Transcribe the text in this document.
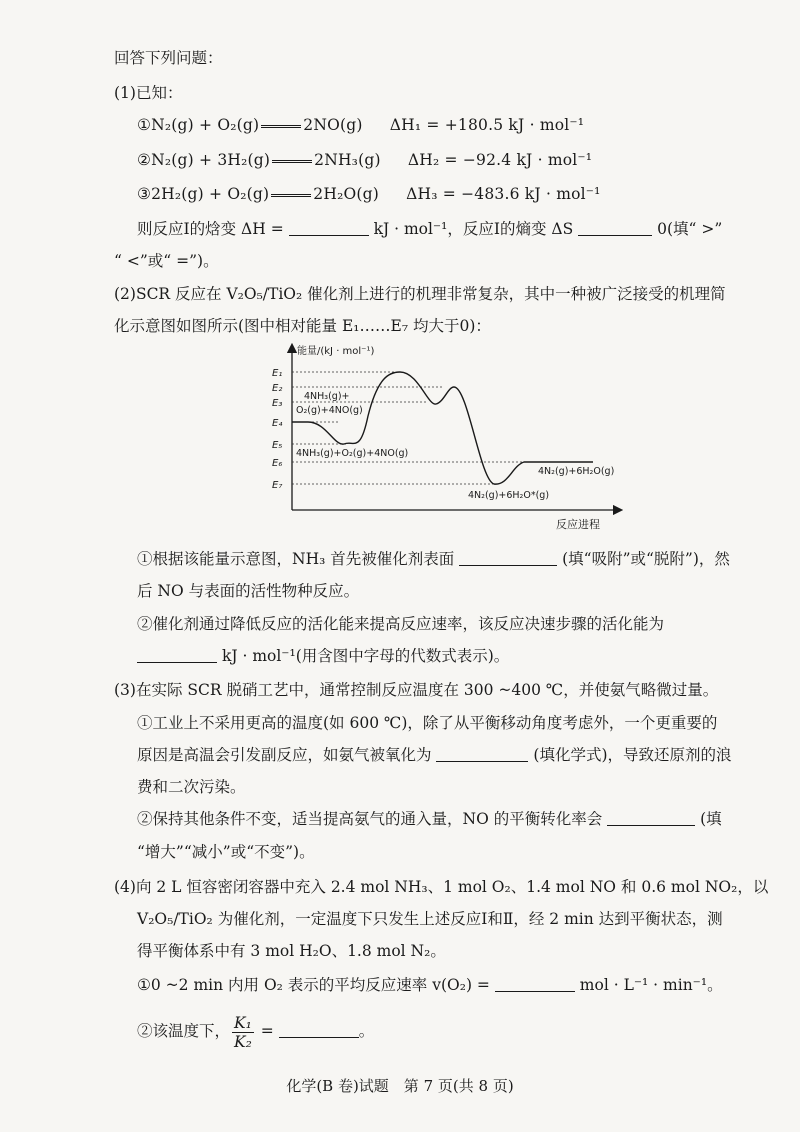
回答下列问题：
(1)已知：
①N₂(g) + O₂(g)	2NO(g) ΔH₁ = +180.5 kJ · mol⁻¹
②N₂(g) + 3H₂(g)	2NH₃(g) ΔH₂ = −92.4 kJ · mol⁻¹
③2H₂(g) + O₂(g)	2H₂O(g) ΔH₃ = −483.6 kJ · mol⁻¹
则反应Ⅰ的焓变 ΔH =	kJ · mol⁻¹，反应Ⅰ的熵变 ΔS	0(填“ >”
“ <”或“ =”)。
(2)SCR 反应在 V₂O₅/TiO₂ 催化剂上进行的机理非常复杂，其中一种被广泛接受的机理简
化示意图如图所示(图中相对能量 E₁……E₇ 均大于0)：
能量/(kJ · mol⁻¹)
反应进程
E₁
E₂
E₃
E₄
E₅
E₆
E₇
4NH₃(g)+
O₂(g)+4NO(g)
4NH₃(g)+O₂(g)+4NO(g)
4N₂(g)+6H₂O(g)
4N₂(g)+6H₂O*(g)
①根据该能量示意图，NH₃ 首先被催化剂表面	(填“吸附”或“脱附”)，然
后 NO 与表面的活性物种反应。
②催化剂通过降低反应的活化能来提高反应速率，该反应决速步骤的活化能为
kJ · mol⁻¹(用含图中字母的代数式表示)。
(3)在实际 SCR 脱硝工艺中，通常控制反应温度在 300 ~400 ℃，并使氨气略微过量。
①工业上不采用更高的温度(如 600 ℃)，除了从平衡移动角度考虑外，一个更重要的
原因是高温会引发副反应，如氨气被氧化为	(填化学式)，导致还原剂的浪
费和二次污染。
②保持其他条件不变，适当提高氨气的通入量，NO 的平衡转化率会	(填
“增大”“减小”或“不变”)。
(4)向 2 L 恒容密闭容器中充入 2.4 mol NH₃、1 mol O₂、1.4 mol NO 和 0.6 mol NO₂，以
V₂O₅/TiO₂ 为催化剂，一定温度下只发生上述反应Ⅰ和Ⅱ，经 2 min 达到平衡状态，测
得平衡体系中有 3 mol H₂O、1.8 mol N₂。
①0 ~2 min 内用 O₂ 表示的平均反应速率 v(O₂) =	mol · L⁻¹ · min⁻¹。
②该温度下， $\frac{\text{K₁}}{\text{K₂}}$ =	。
化学(B 卷)试题　第 7 页(共 8 页)
